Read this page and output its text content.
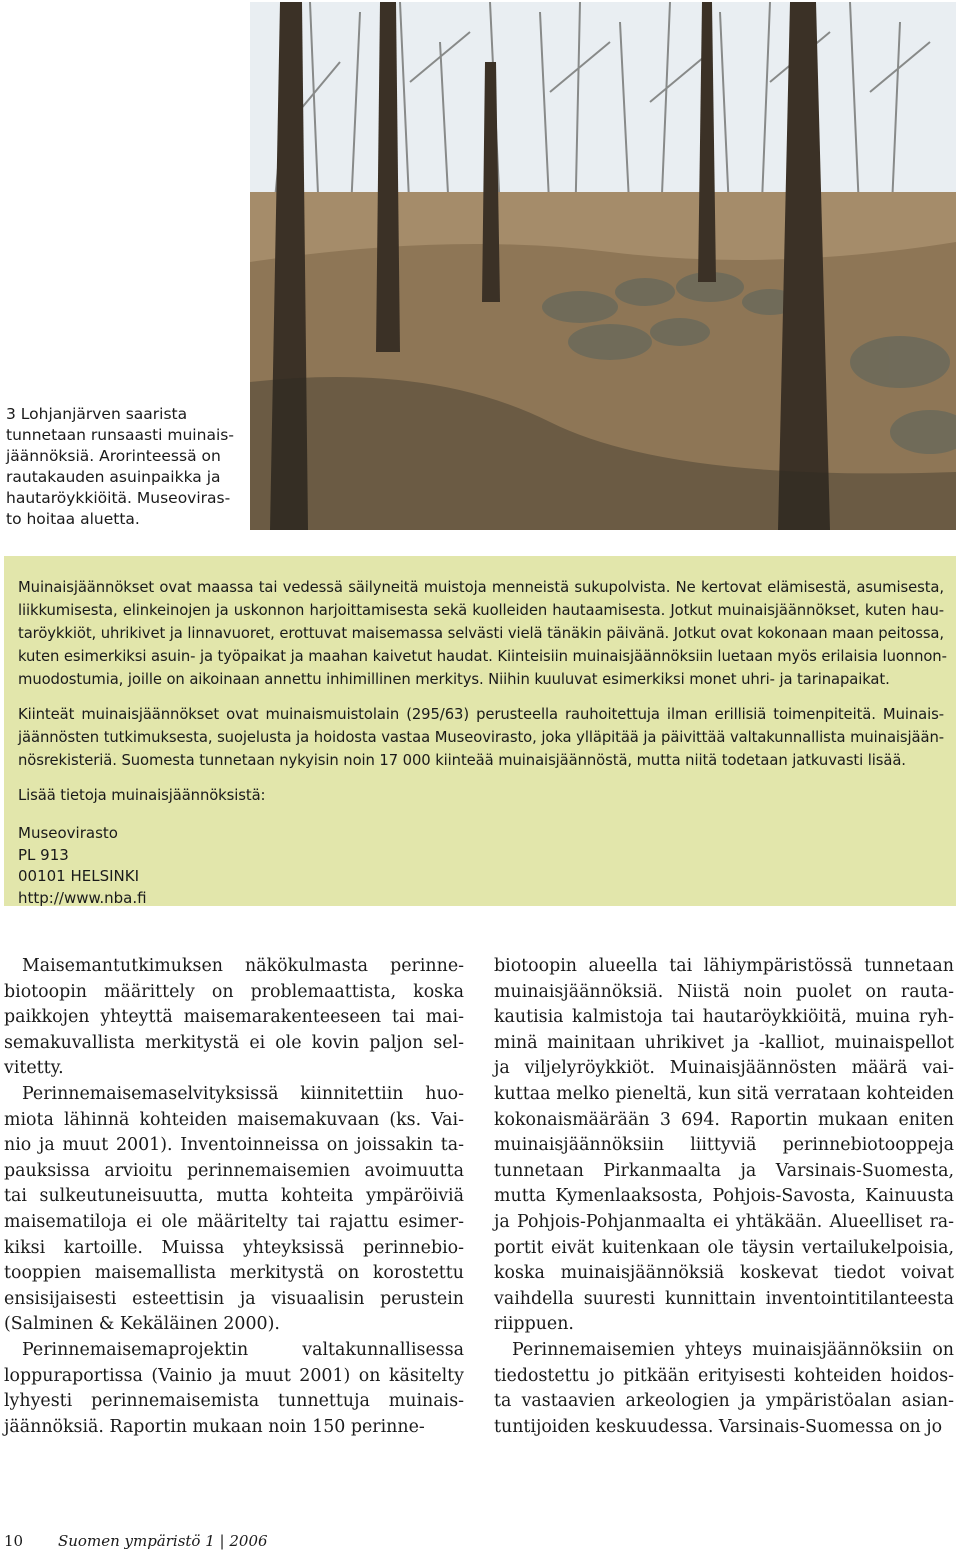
3 Lohjanjärven saarista
tunnetaan runsaasti muinais-
jäännöksiä. Arorinteessä on
rautakauden asuinpaikka ja
hautaröykkiöitä. Museoviras-
to hoitaa aluetta.

Muinaisjäännökset ovat maassa tai vedessä säilyneitä muistoja menneistä sukupolvista. Ne kertovat elämisestä, asumisesta,
liikkumisesta, elinkeinojen ja uskonnon harjoittamisesta sekä kuolleiden hautaamisesta. Jotkut muinaisjäännökset, kuten hau-
taröykkiöt, uhrikivet ja linnavuoret, erottuvat maisemassa selvästi vielä tänäkin päivänä. Jotkut ovat kokonaan maan peitossa,
kuten esimerkiksi asuin- ja työpaikat ja maahan kaivetut haudat. Kiinteisiin muinaisjäännöksiin luetaan myös erilaisia luonnon-
muodostumia, joille on aikoinaan annettu inhimillinen merkitys. Niihin kuuluvat esimerkiksi monet uhri- ja tarinapaikat.

Kiinteät muinaisjäännökset ovat muinaismuistolain (295/63) perusteella rauhoitettuja ilman erillisiä toimenpiteitä. Muinais-
jäännösten tutkimuksesta, suojelusta ja hoidosta vastaa Museovirasto, joka ylläpitää ja päivittää valtakunnallista muinaisjään-
nösrekisteriä. Suomesta tunnetaan nykyisin noin 17 000 kiinteää muinaisjäännöstä, mutta niitä todetaan jatkuvasti lisää.

Lisää tietoja muinaisjäännöksistä:

Museovirasto
PL 913
00101 HELSINKI
http://www.nba.fi
Maisemantutkimuksen näkökulmasta perinne-
biotoopin määrittely on problemaattista, koska
paikkojen yhteyttä maisemarakenteeseen tai mai-
semakuvallista merkitystä ei ole kovin paljon sel-
vitetty.
Perinnemaisemaselvityksissä kiinnitettiin huo-
miota lähinnä kohteiden maisemakuvaan (ks. Vai-
nio ja muut 2001). Inventoinneissa on joissakin ta-
pauksissa arvioitu perinnemaisemien avoimuutta
tai sulkeutuneisuutta, mutta kohteita ympäröiviä
maisematiloja ei ole määritelty tai rajattu esimer-
kiksi kartoille. Muissa yhteyksissä perinnebio-
tooppien maisemallista merkitystä on korostettu
ensisijaisesti esteettisin ja visuaalisin perustein
(Salminen & Kekäläinen 2000).
Perinnemaisemaprojektin valtakunnallisessa
loppuraportissa (Vainio ja muut 2001) on käsitelty
lyhyesti perinnemaisemista tunnettuja muinais-
jäännöksiä. Raportin mukaan noin 150 perinne-
biotoopin alueella tai lähiympäristössä tunnetaan
muinaisjäännöksiä. Niistä noin puolet on rauta-
kautisia kalmistoja tai hautaröykkiöitä, muina ryh-
minä mainitaan uhrikivet ja -kalliot, muinaispellot
ja viljelyröykkiöt. Muinaisjäännösten määrä vai-
kuttaa melko pieneltä, kun sitä verrataan kohteiden
kokonaismäärään 3 694. Raportin mukaan eniten
muinaisjäännöksiin liittyviä perinnebiotooppeja
tunnetaan Pirkanmaalta ja Varsinais-Suomesta,
mutta Kymenlaaksosta, Pohjois-Savosta, Kainuusta
ja Pohjois-Pohjanmaalta ei yhtäkään. Alueelliset ra-
portit eivät kuitenkaan ole täysin vertailukelpoisia,
koska muinaisjäännöksiä koskevat tiedot voivat
vaihdella suuresti kunnittain inventointitilanteesta
riippuen.
Perinnemaisemien yhteys muinaisjäännöksiin on
tiedostettu jo pitkään erityisesti kohteiden hoidos-
ta vastaavien arkeologien ja ympäristöalan asian-
tuntijoiden keskuudessa. Varsinais-Suomessa on jo
10 Suomen ympäristö 1 | 2006
